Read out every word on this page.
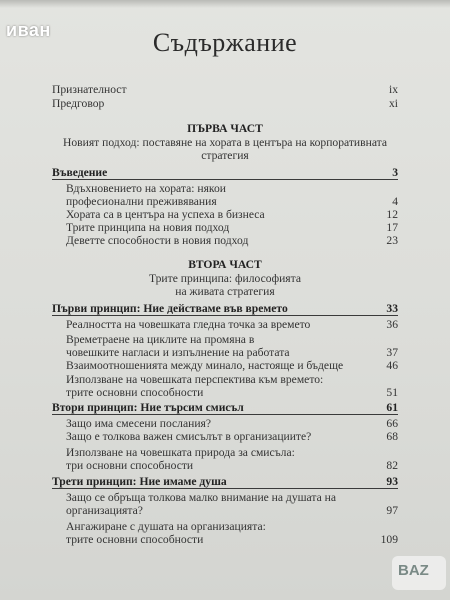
иван	Съдържание
Признателност	ix
Предговор	xi
ПЪРВА ЧАСТ
Новият подход: поставяне на хората в центъра на корпоративната
стратегия
Въведение	3
Вдъхновението на хората: някои
професионални преживявания	4
Хората са в центъра на успеха в бизнеса	12
Трите принципа на новия подход	17
Деветте способности в новия подход	23
ВТОРА ЧАСТ
Трите принципа: философията
на живата стратегия
Първи принцип: Ние действаме във времето	33
Реалността на човешката гледна точка за времето	36
Времетраене на циклите на промяна в
човешките нагласи и изпълнение на работата	37
Взаимоотношенията между минало, настояще и бъдеще	46
Използване на човешката перспектива към времето:
трите основни способности	51
Втори принцип: Ние търсим смисъл	61
Защо има смесени послания?	66
Защо е толкова важен смисълът в организациите?	68
Използване на човешката природа за смисъла:
три основни способности	82
Трети принцип: Ние имаме душа	93
Защо се обръща толкова малко внимание на душата на
организацията?	97
Ангажиране с душата на организацията:
трите основни способности	109
BAZ
